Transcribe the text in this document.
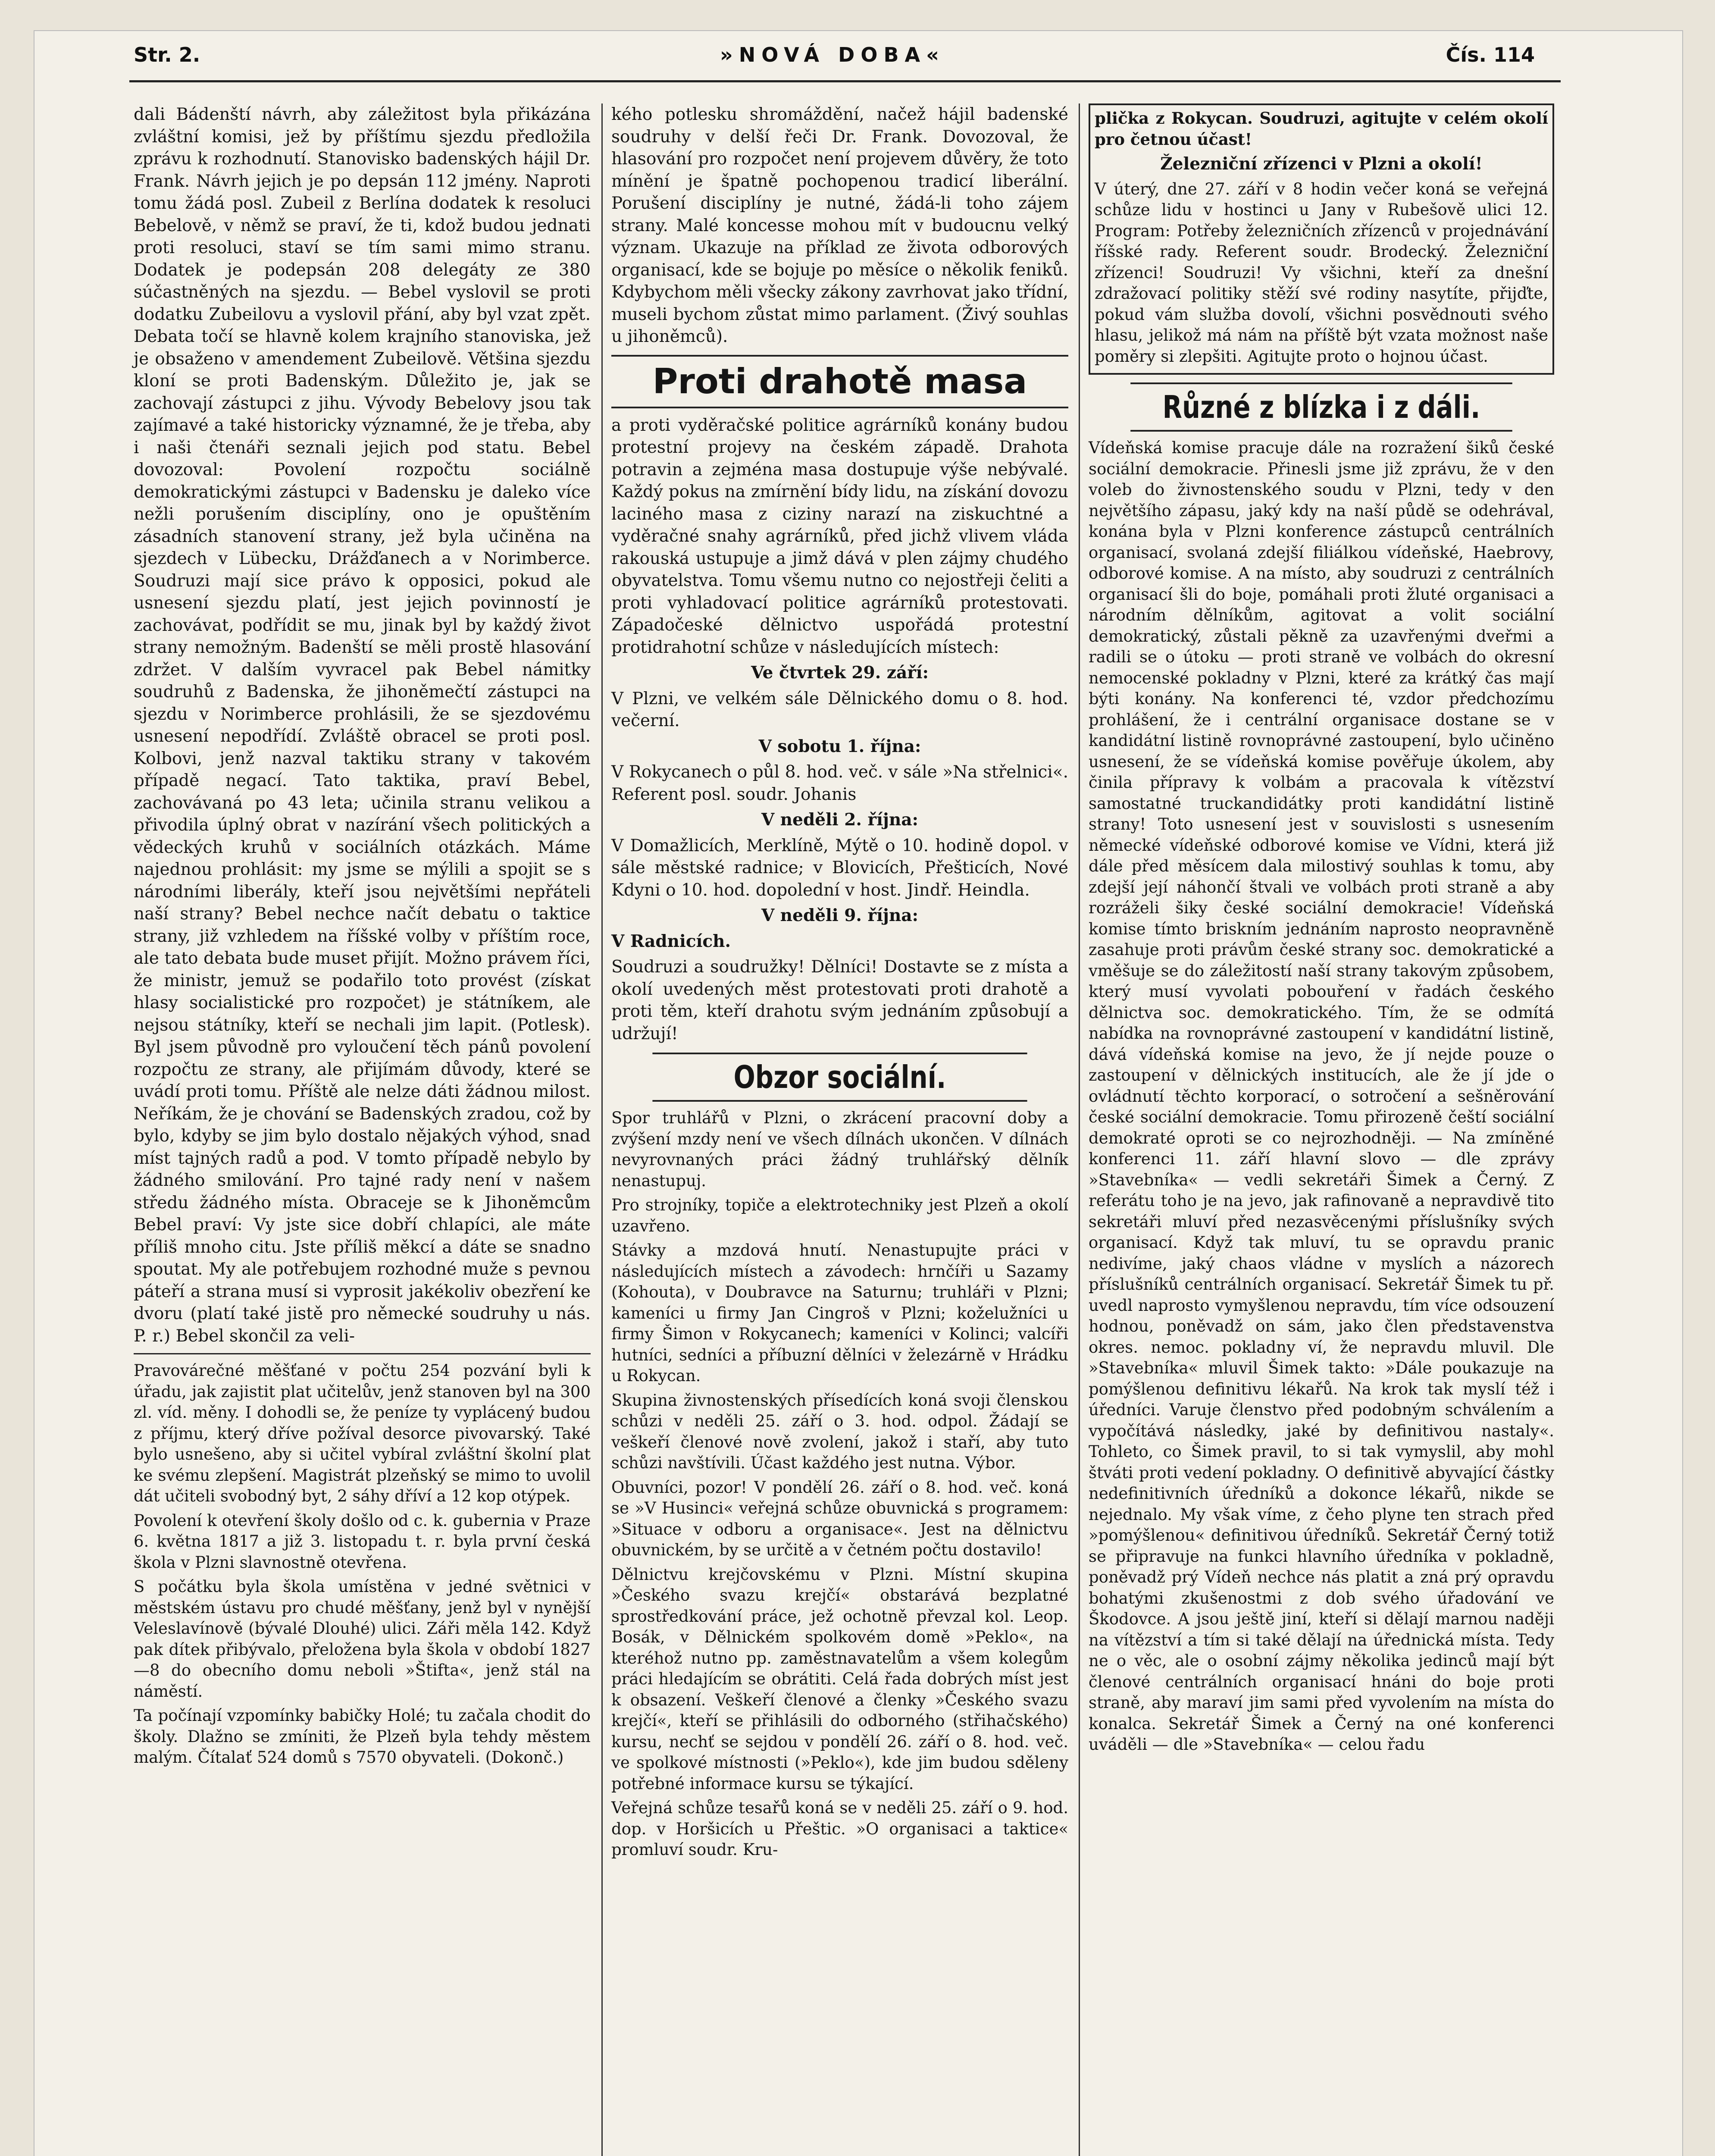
Str. 2.	»NOVÁ DOBA«	Čís. 114

dali Bádenští návrh, aby záležitost byla přikázána zvláštní komisi, jež by příštímu sjezdu předložila zprávu k rozhodnutí. Stanovisko badenských hájil Dr. Frank. Návrh jejich je po depsán 112 jmény. Naproti tomu žádá posl. Zubeil z Berlína dodatek k resoluci Bebelově, v němž se praví, že ti, kdož budou jednati proti resoluci, staví se tím sami mimo stranu. Dodatek je podepsán 208 delegáty ze 380 súčastněných na sjezdu. — Bebel vyslovil se proti dodatku Zubeilovu a vyslovil přání, aby byl vzat zpět. Debata točí se hlavně kolem krajního stanoviska, jež je obsaženo v amendement Zubeilově. Většina sjezdu kloní se proti Badenským. Důležito je, jak se zachovají zástupci z jihu. Vývody Bebelovy jsou tak zajímavé a také historicky významné, že je třeba, aby i naši čtenáři seznali jejich pod statu. Bebel dovozoval: Povolení rozpočtu sociálně demokratickými zástupci v Badensku je daleko více nežli porušením disciplíny, ono je opuštěním zásadních stanovení strany, jež byla učiněna na sjezdech v Lübecku, Drážďanech a v Norimberce. Soudruzi mají sice právo k opposici, pokud ale usnesení sjezdu platí, jest jejich povinností je zachovávat, podřídit se mu, jinak byl by každý život strany nemožným. Badenští se měli prostě hlasování zdržet. V dalším vyvracel pak Bebel námitky soudruhů z Badenska, že jihoněmečtí zástupci na sjezdu v Norimberce prohlásili, že se sjezdovému usnesení nepodřídí. Zvláště obracel se proti posl. Kolbovi, jenž nazval taktiku strany v takovém případě negací. Tato taktika, praví Bebel, zachovávaná po 43 leta; učinila stranu velikou a přivodila úplný obrat v nazírání všech politických a vědeckých kruhů v sociálních otázkách. Máme najednou prohlásit: my jsme se mýlili a spojit se s národními liberály, kteří jsou největšími nepřáteli naší strany? Bebel nechce načít debatu o taktice strany, již vzhledem na říšské volby v příštím roce, ale tato debata bude muset přijít. Možno právem říci, že ministr, jemuž se podařilo toto provést (získat hlasy socialistické pro rozpočet) je státníkem, ale nejsou státníky, kteří se nechali jim lapit. (Potlesk). Byl jsem původně pro vyloučení těch pánů povolení rozpočtu ze strany, ale přijímám důvody, které se uvádí proti tomu. Příště ale nelze dáti žádnou milost. Neříkám, že je chování se Badenských zradou, což by bylo, kdyby se jim bylo dostalo nějakých výhod, snad míst tajných radů a pod. V tomto případě nebylo by žádného smilování. Pro tajné rady není v našem středu žádného místa. Obraceje se k Jihoněmcům Bebel praví: Vy jste sice dobří chlapíci, ale máte příliš mnoho citu. Jste příliš měkcí a dáte se snadno spoutat. My ale potřebujem rozhodné muže s pevnou páteří a strana musí si vyprosit jakékoliv obezření ke dvoru (platí také jistě pro německé soudruhy u nás. P. r.) Bebel skončil za veli-

Pravovárečné měšťané v počtu 254 pozvání byli k úřadu, jak zajistit plat učitelův, jenž stanoven byl na 300 zl. víd. měny. I dohodli se, že peníze ty vyplácený budou z příjmu, který dříve požíval desorce pivovarský. Také bylo usnešeno, aby si učitel vybíral zvláštní školní plat ke svému zlepšení. Magistrát plzeňský se mimo to uvolil dát učiteli svobodný byt, 2 sáhy dříví a 12 kop otýpek.

Povolení k otevření školy došlo od c. k. gubernia v Praze 6. května 1817 a již 3. listopadu t. r. byla první česká škola v Plzni slavnostně otevřena.

S počátku byla škola umístěna v jedné světnici v městském ústavu pro chudé měšťany, jenž byl v nynější Veleslavínově (bývalé Dlouhé) ulici. Záři měla 142. Když pak dítek přibývalo, přeložena byla škola v období 1827—8 do obecního domu neboli »Štifta«, jenž stál na náměstí.

Ta počínají vzpomínky babičky Holé; tu začala chodit do školy. Dlažno se zmíniti, že Plzeň byla tehdy městem malým. Čítalať 524 domů s 7570 obyvateli. (Dokonč.)

kého potlesku shromáždění, načež hájil badenské soudruhy v delší řeči Dr. Frank. Dovozoval, že hlasování pro rozpočet není projevem důvěry, že toto mínění je špatně pochopenou tradicí liberální. Porušení disciplíny je nutné, žádá-li toho zájem strany. Malé koncesse mohou mít v budoucnu velký význam. Ukazuje na příklad ze života odborových organisací, kde se bojuje po měsíce o několik feniků. Kdybychom měli všecky zákony zavrhovat jako třídní, museli bychom zůstat mimo parlament. (Živý souhlas u jihoněmců).

Proti drahotě masa

a proti vyděračské politice agrárníků konány budou protestní projevy na českém západě. Drahota potravin a zejména masa dostupuje výše nebývalé. Každý pokus na zmírnění bídy lidu, na získání dovozu laciného masa z ciziny narazí na ziskuchtné a vyděračné snahy agrárníků, před jichž vlivem vláda rakouská ustupuje a jimž dává v plen zájmy chudého obyvatelstva. Tomu všemu nutno co nejostřeji čeliti a proti vyhladovací politice agrárníků protestovati. Západočeské dělnictvo uspořádá protestní protidrahotní schůze v následujících místech:

Ve čtvrtek 29. září:

V Plzni, ve velkém sále Dělnického domu o 8. hod. večerní.

V sobotu 1. října:

V Rokycanech o půl 8. hod. več. v sále »Na střelnici«. Referent posl. soudr. Johanis

V neděli 2. října:

V Domažlicích, Merklíně, Mýtě o 10. hodině dopol. v sále městské radnice; v Blovicích, Přešticích, Nové Kdyni o 10. hod. dopolední v host. Jindř. Heindla.

V neděli 9. října:

V Radnicích.

Soudruzi a soudružky! Dělníci! Dostavte se z místa a okolí uvedených měst protestovati proti drahotě a proti těm, kteří drahotu svým jednáním způsobují a udržují!

Obzor sociální.

Spor truhlářů v Plzni, o zkrácení pracovní doby a zvýšení mzdy není ve všech dílnách ukončen. V dílnách nevyrovnaných práci žádný truhlářský dělník nenastupuj.

Pro strojníky, topiče a elektrotechniky jest Plzeň a okolí uzavřeno.

Stávky a mzdová hnutí. Nenastupujte práci v následujících místech a závodech: hrnčíři u Sazamy (Kohouta), v Doubravce na Saturnu; truhláři v Plzni; kameníci u firmy Jan Cingroš v Plzni; koželužníci u firmy Šimon v Rokycanech; kameníci v Kolinci; valcíři hutníci, sedníci a příbuzní dělníci v železárně v Hrádku u Rokycan.

Skupina živnostenských přísedících koná svoji členskou schůzi v neděli 25. září o 3. hod. odpol. Žádají se veškeří členové nově zvolení, jakož i staří, aby tuto schůzi navštívili. Účast každého jest nutna. Výbor.

Obuvníci, pozor! V pondělí 26. září o 8. hod. več. koná se »V Husinci« veřejná schůze obuvnická s programem: »Situace v odboru a organisace«. Jest na dělnictvu obuvnickém, by se určitě a v četném počtu dostavilo!

Dělnictvu krejčovskému v Plzni. Místní skupina »Českého svazu krejčí« obstarává bezplatné sprostředkování práce, jež ochotně převzal kol. Leop. Bosák, v Dělnickém spolkovém domě »Peklo«, na kteréhož nutno pp. zaměstnavatelům a všem kolegům práci hledajícím se obrátiti. Celá řada dobrých míst jest k obsazení. Veškeří členové a členky »Českého svazu krejčí«, kteří se přihlásili do odborného (střihačského) kursu, nechť se sejdou v pondělí 26. září o 8. hod. več. ve spolkové místnosti (»Peklo«), kde jim budou sděleny potřebné informace kursu se týkající.

Veřejná schůze tesařů koná se v neděli 25. září o 9. hod. dop. v Horšicích u Přeštic. »O organisaci a taktice« promluví soudr. Kru-

plička z Rokycan. Soudruzi, agitujte v celém okolí pro četnou účast!

Železniční zřízenci v Plzni a okolí!

V úterý, dne 27. září v 8 hodin večer koná se veřejná schůze lidu v hostinci u Jany v Rubešově ulici 12. Program: Potřeby železničních zřízenců v projednávání říšské rady. Referent soudr. Brodecký. Železniční zřízenci! Soudruzi! Vy všichni, kteří za dnešní zdražovací politiky stěží své rodiny nasytíte, přijďte, pokud vám služba dovolí, všichni posvědnouti svého hlasu, jelikož má nám na příště být vzata možnost naše poměry si zlepšiti. Agitujte proto o hojnou účast.

Různé z blízka i z dáli.

Vídeňská komise pracuje dále na rozražení šiků české sociální demokracie. Přinesli jsme již zprávu, že v den voleb do živnostenského soudu v Plzni, tedy v den největšího zápasu, jaký kdy na naší půdě se odehrával, konána byla v Plzni konference zástupců centrálních organisací, svolaná zdejší filiálkou vídeňské, Haebrovy, odborové komise. A na místo, aby soudruzi z centrálních organisací šli do boje, pomáhali proti žluté organisaci a národním dělníkům, agitovat a volit sociální demokratický, zůstali pěkně za uzavřenými dveřmi a radili se o útoku — proti straně ve volbách do okresní nemocenské pokladny v Plzni, které za krátký čas mají býti konány. Na konferenci té, vzdor předchozímu prohlášení, že i centrální organisace dostane se v kandidátní listině rovnoprávné zastoupení, bylo učiněno usnesení, že se vídeňská komise pověřuje úkolem, aby činila přípravy k volbám a pracovala k vítězství samostatné truckandidátky proti kandidátní listině strany! Toto usnesení jest v souvislosti s usnesením německé vídeňské odborové komise ve Vídni, která již dále před měsícem dala milostivý souhlas k tomu, aby zdejší její náhončí štvali ve volbách proti straně a aby rozráželi šiky české sociální demokracie! Vídeňská komise tímto briskním jednáním naprosto neopravněně zasahuje proti právům české strany soc. demokratické a vměšuje se do záležitostí naší strany takovým způsobem, který musí vyvolati pobouření v řadách českého dělnictva soc. demokratického. Tím, že se odmítá nabídka na rovnoprávné zastoupení v kandidátní listině, dává vídeňská komise na jevo, že jí nejde pouze o zastoupení v dělnických institucích, ale že jí jde o ovládnutí těchto korporací, o sotročení a sešněrování české sociální demokracie. Tomu přirozeně čeští sociální demokraté oproti se co nejrozhodněji. — Na zmíněné konferenci 11. září hlavní slovo — dle zprávy »Stavebníka« — vedli sekretáři Šimek a Černý. Z referátu toho je na jevo, jak rafinovaně a nepravdivě tito sekretáři mluví před nezasvěcenými příslušníky svých organisací. Když tak mluví, tu se opravdu pranic nedivíme, jaký chaos vládne v myslích a názorech příslušníků centrálních organisací. Sekretář Šimek tu př. uvedl naprosto vymyšlenou nepravdu, tím více odsouzení hodnou, poněvadž on sám, jako člen představenstva okres. nemoc. pokladny ví, že nepravdu mluvil. Dle »Stavebníka« mluvil Šimek takto: »Dále poukazuje na pomýšlenou definitivu lékařů. Na krok tak myslí též i úředníci. Varuje členstvo před podobným schválením a vypočítává následky, jaké by definitivou nastaly«. Tohleto, co Šimek pravil, to si tak vymyslil, aby mohl štváti proti vedení pokladny. O definitivě abyvající částky nedefinitivních úředníků a dokonce lékařů, nikde se nejednalo. My však víme, z čeho plyne ten strach před »pomýšlenou« definitivou úředníků. Sekretář Černý totiž se připravuje na funkci hlavního úředníka v pokladně, poněvadž prý Vídeň nechce nás platit a zná prý opravdu bohatými zkušenostmi z dob svého úřadování ve Škodovce. A jsou ještě jiní, kteří si dělají marnou naději na vítězství a tím si také dělají na úřednická místa. Tedy ne o věc, ale o osobní zájmy několika jedinců mají být členové centrálních organisací hnáni do boje proti straně, aby maraví jim sami před vyvolením na místa do konalca. Sekretář Šimek a Černý na oné konferenci uváděli — dle »Stavebníka« — celou řadu
